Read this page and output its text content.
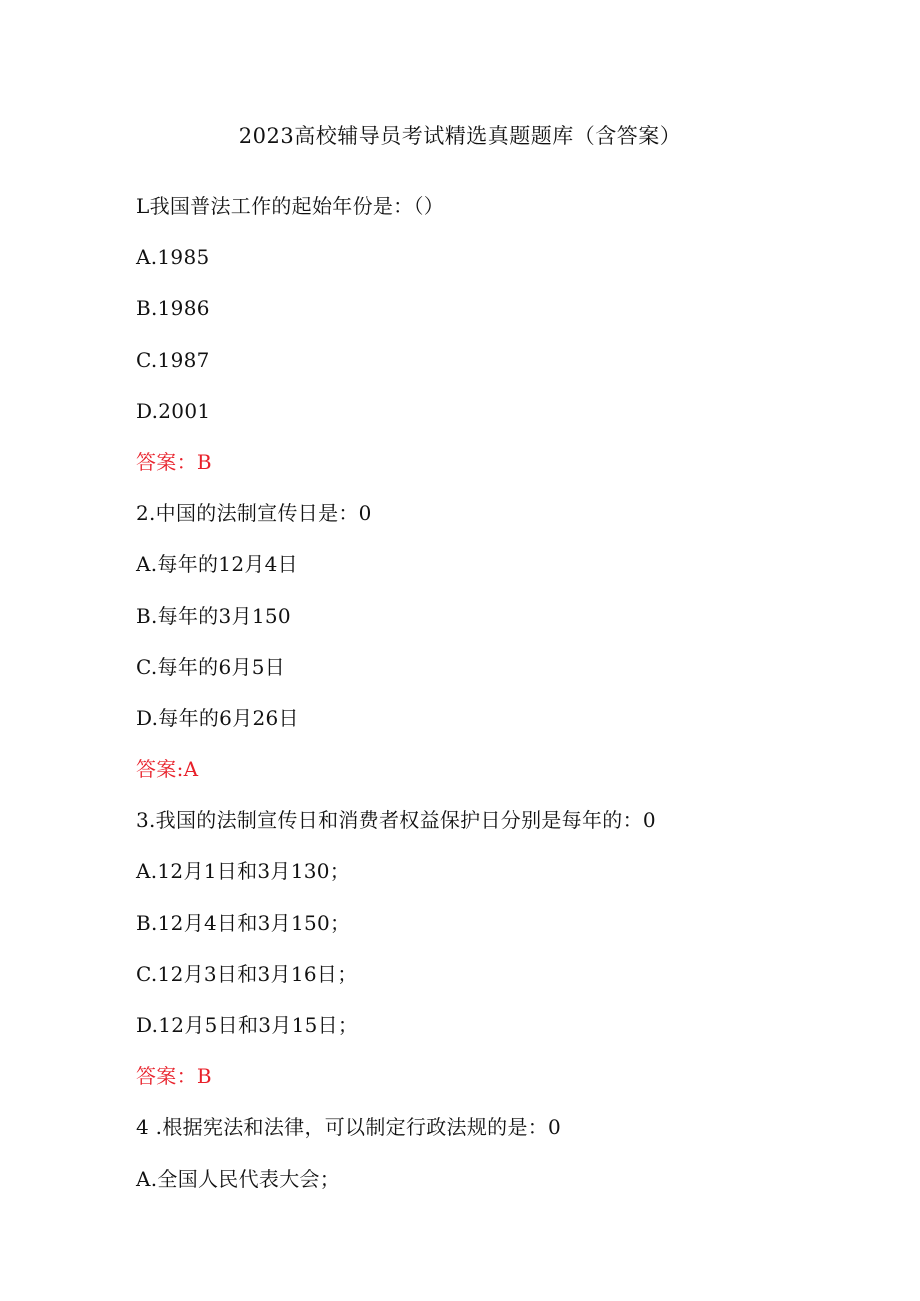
2023高校辅导员考试精选真题题库（含答案）
L我国普法工作的起始年份是：（）
A.1985
B.1986
C.1987
D.2001
答案：B
2.中国的法制宣传日是：0
A.每年的12月4日
B.每年的3月150
C.每年的6月5日
D.每年的6月26日
答案:A
3.我国的法制宣传日和消费者权益保护日分别是每年的：0
A.12月1日和3月130；
B.12月4日和3月150；
C.12月3日和3月16日；
D.12月5日和3月15日；
答案：B
4 .根据宪法和法律，可以制定行政法规的是：0
A.全国人民代表大会；
